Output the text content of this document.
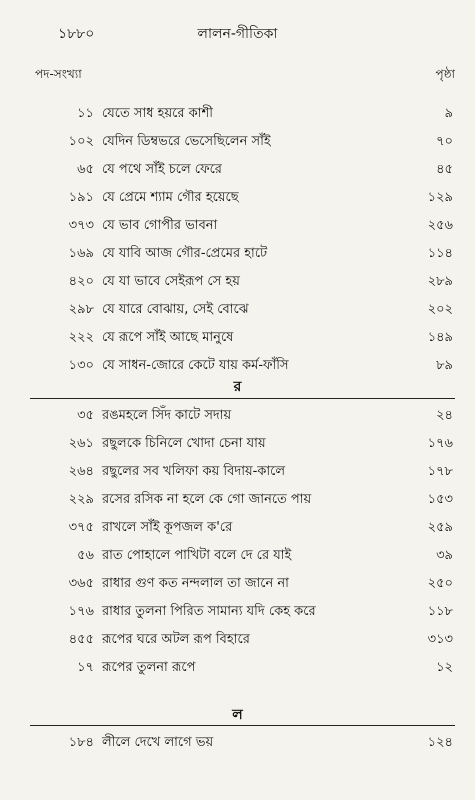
১৮৮০	লালন-গীতিকা
পদ-সংখ্যা	পৃষ্ঠা
১১ যেতে সাধ হয়রে কাশী	৯
১০২ যেদিন ডিম্বভরে ভেসেছিলেন সাঁই	৭০
৬৫ যে পথে সাঁই চলে ফেরে	৪৫
১৯১ যে প্রেমে শ্যাম গৌর হয়েছে	১২৯
৩৭৩ যে ভাব গোপীর ভাবনা	২৫৬
১৬৯ যে যাবি আজ গৌর-প্রেমের হাটে	১১৪
৪২০ যে যা ভাবে সেইরূপ সে হয়	২৮৯
২৯৮ যে যারে বোঝায়, সেই বোঝে	২০২
২২২ যে রূপে সাঁই আছে মানুষে	১৪৯
১৩০ যে সাধন-জোরে কেটে যায় কর্ম-ফাঁসি	৮৯
র
৩৫ রঙমহলে সিঁদ কাটে সদায়	২৪
২৬১ রছুলকে চিনিলে খোদা চেনা যায়	১৭৬
২৬৪ রছুলের সব খলিফা কয় বিদায়-কালে	১৭৮
২২৯ রসের রসিক না হলে কে গো জানতে পায়	১৫৩
৩৭৫ রাখলে সাঁই কূপজল ক'রে	২৫৯
৫৬ রাত পোহালে পাখিটা বলে দে রে যাই	৩৯
৩৬৫ রাধার গুণ কত নন্দলাল তা জানে না	২৫০
১৭৬ রাধার তুলনা পিরিত সামান্য যদি কেহ করে	১১৮
৪৫৫ রূপের ঘরে অটল রূপ বিহারে	৩১৩
১৭ রূপের তুলনা রূপে	১২
ল
১৮৪ লীলে দেখে লাগে ভয়	১২৪
